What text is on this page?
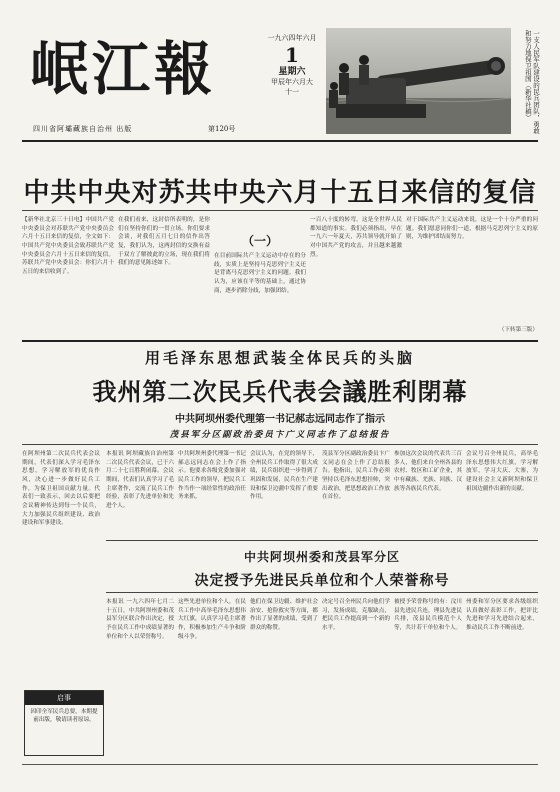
岷江報
四川省阿壩藏族自治州 出版	第120号
一九六四年六月
1
星期六
甲辰年六月大
十一	一支人民军队建设的民兵团队，勇敢和努力地保卫祖国（新华社稿）
中共中央对苏共中央六月十五日来信的复信
【新华社北京三十日电】中国共产党中央委员会对苏联共产党中央委员会六月十五日来信的复信，全文如下：中国共产党中央委员会致苏联共产党中央委员会六月十五日来信的复信。苏联共产党中央委员会：你们六月十五日的来信收到了。
在我们看来，这封信所表明的，是你们在坚持你们的一贯立场。你们要求会谈，对我们五月七日的信作出答复，我们认为，这两封信的交换有益于双方了解彼此的立场，现在我们将我们的意见陈述如下。
（一）
在目前国际共产主义运动中存在的分歧，实质上是坚持马克思列宁主义还是背离马克思列宁主义的问题。我们认为，应该在平等的基础上，通过协商，逐步消除分歧，加强团结。
一百八十度的转弯，这是全世界人民都知道的事实。我们必须指出，早在一九六一年夏天，苏共领导就开始了对中国共产党的攻击，并且越来越激烈。
对于国际共产主义运动来说，这是一个十分严重的问题。我们愿意同你们一道，根据马克思列宁主义的原则，为维护团结而努力。
（下转第三版）
用毛泽东思想武装全体民兵的头脑
我州第二次民兵代表会議胜利閉幕
中共阿坝州委代理第一书记郝志远同志作了指示
茂县军分区副政治委员卞广义同志作了总结报告
在阿坝州第二次民兵代表会议期间，代表们深入学习毛泽东思想，学习解放军的优良作风，决心进一步做好民兵工作，为保卫祖国贡献力量。代表们一致表示，回去以后要把会议精神传达到每一个民兵，大力加强民兵组织建设、政治建设和军事建设。
本报讯 阿坝藏族自治州第二次民兵代表会议，已于六月二十七日胜利闭幕。会议期间，代表们认真学习了毛主席著作，交流了民兵工作经验，表彰了先进单位和先进个人。
中共阿坝州委代理第一书记郝志远同志在会上作了指示。他要求各级党委加强对民兵工作的领导，把民兵工作当作一项经常性的政治任务来抓。
会议认为，在党的领导下，全州民兵工作取得了很大成绩，民兵组织进一步得到了巩固和发展，民兵在生产建设和保卫边疆中发挥了重要作用。
茂县军分区副政治委员卞广义同志在会上作了总结报告。他指出，民兵工作必须坚持以毛泽东思想挂帅，突出政治，把思想政治工作放在首位。
参加这次会议的代表共三百多人，他们来自全州各县的农村、牧区和工矿企业，其中有藏族、羌族、回族、汉族等各族民兵代表。
会议号召全州民兵，高举毛泽东思想伟大红旗，学习解放军，学习大庆、大寨，为建设社会主义新阿坝和保卫祖国边疆作出新的贡献。
中共阿坝州委和茂县军分区
决定授予先进民兵单位和个人荣誉称号
本报讯 一九六四年七月二十五日，中共阿坝州委和茂县军分区联合作出决定，授予在民兵工作中成绩显著的单位和个人以荣誉称号。
这些先进单位和个人，在民兵工作中高举毛泽东思想伟大红旗，认真学习毛主席著作，积极参加生产斗争和阶级斗争。
他们在保卫边疆、维护社会治安、抢险救灾等方面，都作出了显著的成绩，受到了群众的称赞。
决定号召全州民兵向他们学习，发扬成绩，克服缺点，把民兵工作提高到一个新的水平。
被授予荣誉称号的有：汶川县先进民兵连，理县先进民兵排，茂县民兵模范个人等，共计若干单位和个人。
州委和军分区要求各级组织认真做好表彰工作，把评比先进和学习先进结合起来，推动民兵工作不断前进。
启事
因印全军民兵总要，本期提前出版，敬请读者原谅。
